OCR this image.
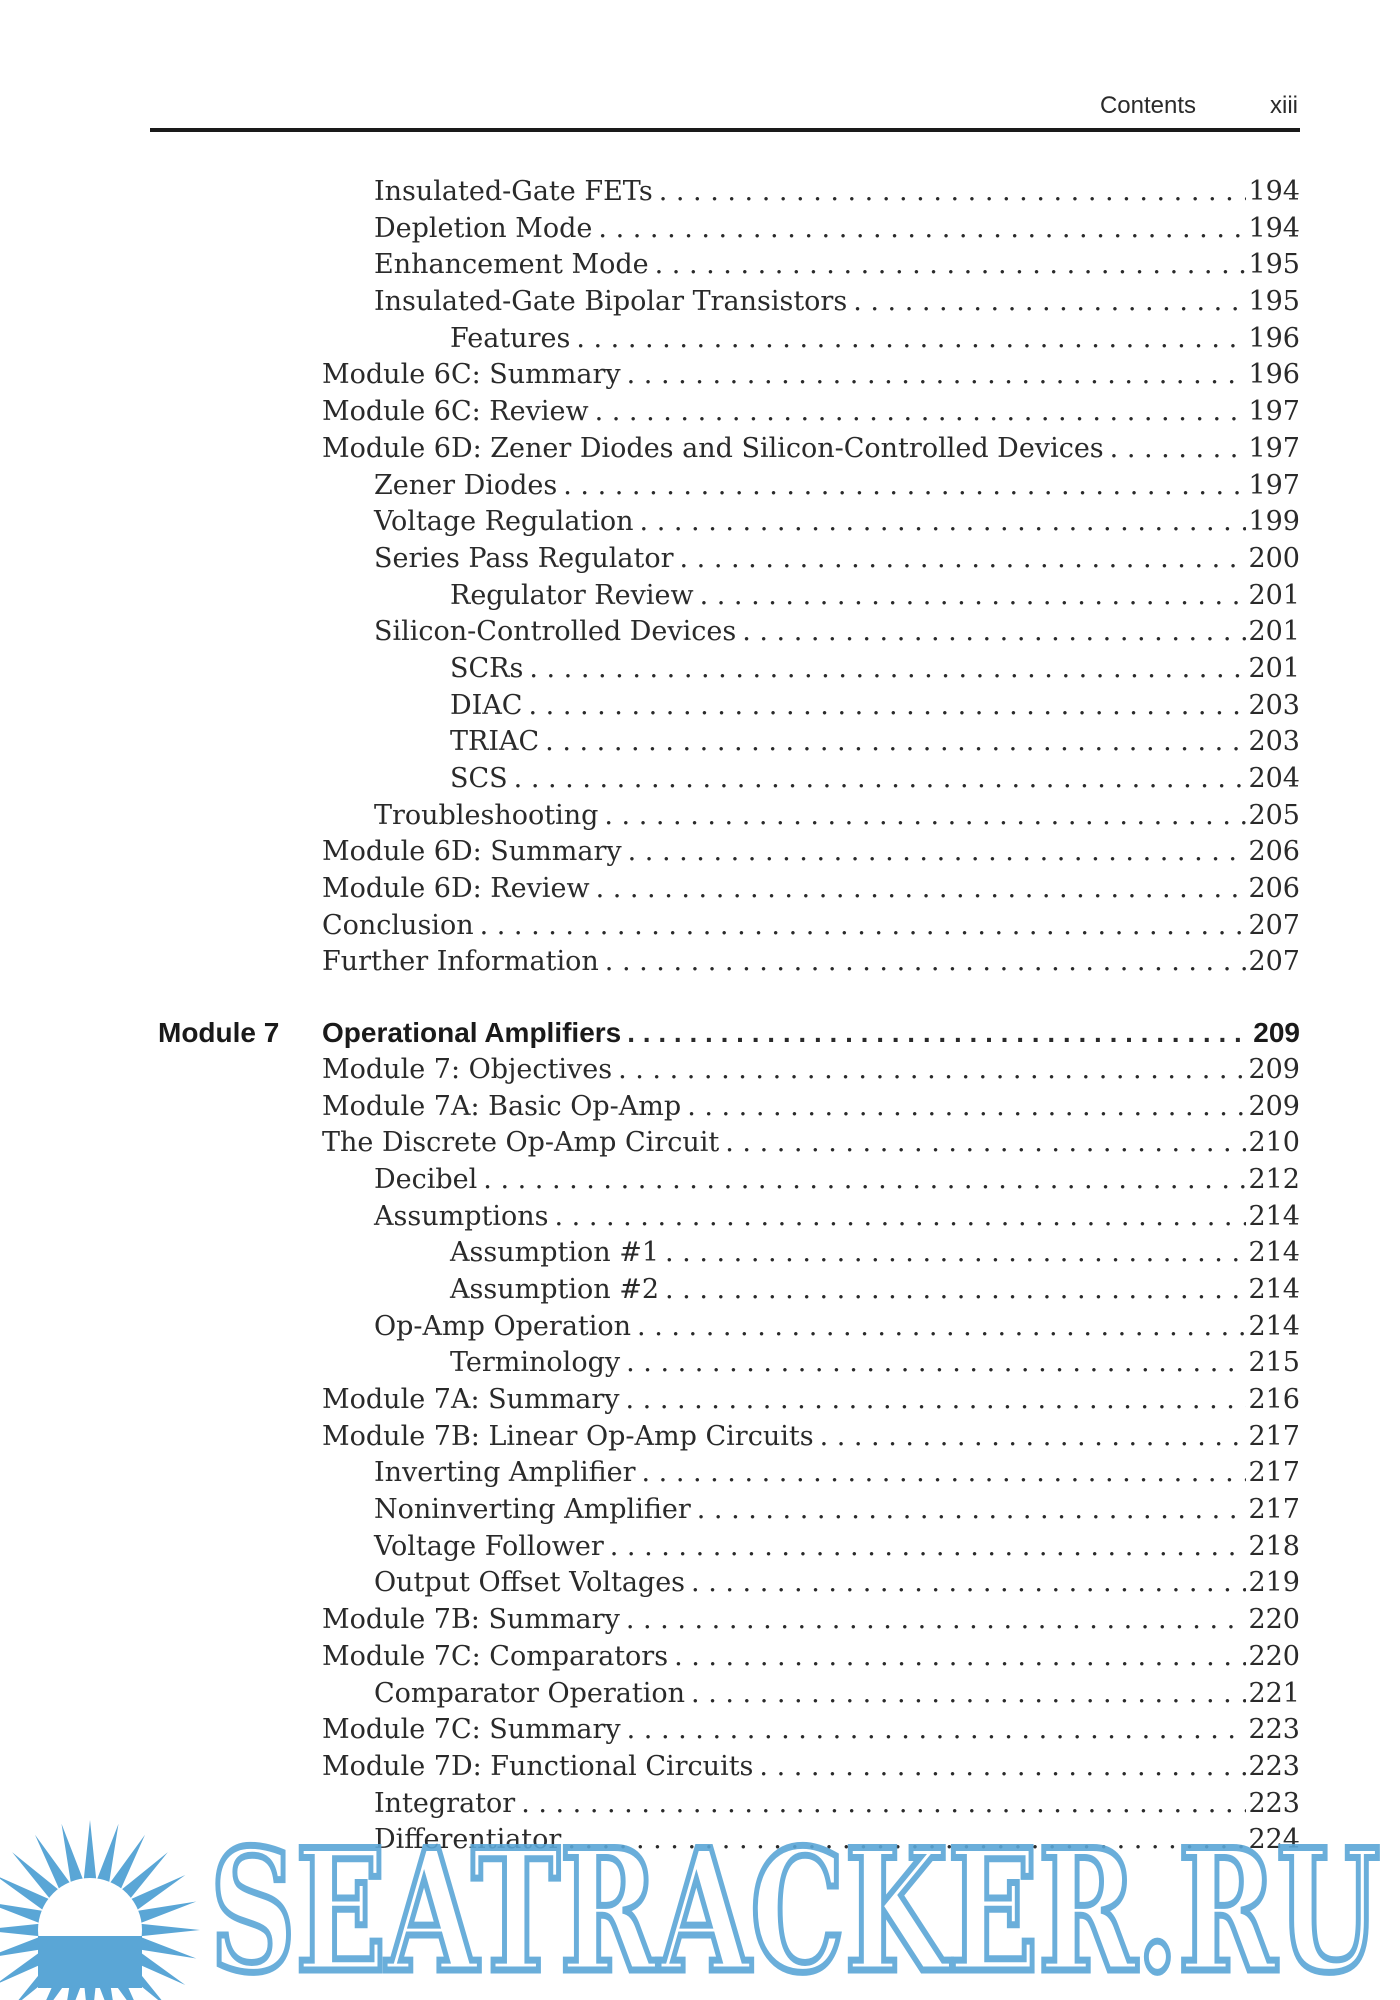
Contents	xiii
Insulated-Gate FETs . . .	194
Depletion Mode . . .	194
Enhancement Mode . . .	195
Insulated-Gate Bipolar Transistors . . .	195
Features . . .	196
Module 6C: Summary . . .	196
Module 6C: Review . . .	197
Module 6D: Zener Diodes and Silicon-Controlled Devices . . .	197
Zener Diodes . . .	197
Voltage Regulation . . .	199
Series Pass Regulator . . .	200
Regulator Review . . .	201
Silicon-Controlled Devices . . .	201
SCRs . . .	201
DIAC . . .	203
TRIAC . . .	203
SCS . . .	204
Troubleshooting . . .	205
Module 6D: Summary . . .	206
Module 6D: Review . . .	206
Conclusion . . .	207
Further Information . . .	207
Module 7 Operational Amplifiers . . .	209
Module 7: Objectives . . .	209
Module 7A: Basic Op-Amp . . .	209
The Discrete Op-Amp Circuit . . .	210
Decibel . . .	212
Assumptions . . .	214
Assumption #1 . . .	214
Assumption #2 . . .	214
Op-Amp Operation . . .	214
Terminology . . .	215
Module 7A: Summary . . .	216
Module 7B: Linear Op-Amp Circuits . . .	217
Inverting Amplifier . . .	217
Noninverting Amplifier . . .	217
Voltage Follower . . .	218
Output Offset Voltages . . .	219
Module 7B: Summary . . .	220
Module 7C: Comparators . . .	220
Comparator Operation . . .	221
Module 7C: Summary . . .	223
Module 7D: Functional Circuits . . .	223
Integrator . . .	223
Differentiator . . .	224
SEATRACKER.RU
